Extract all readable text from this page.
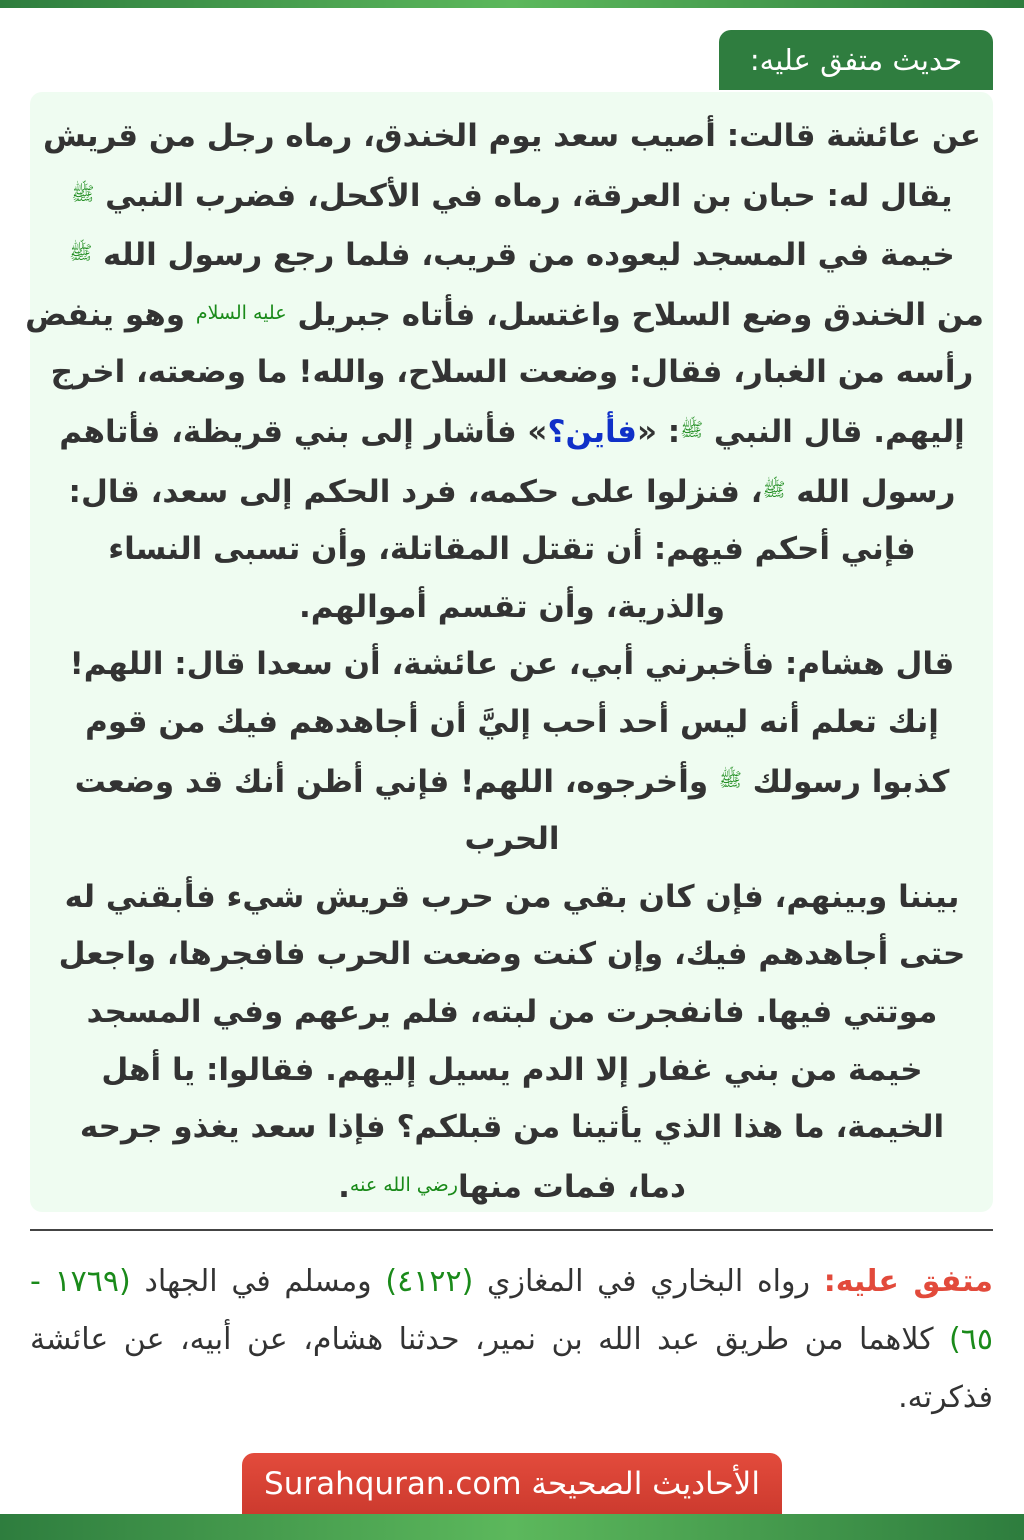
حديث متفق عليه:
عن عائشة قالت: أصيب سعد يوم الخندق، رماه رجل من قريش
يقال له: حبان بن العرقة، رماه في الأكحل، فضرب النبي ﷺ
خيمة في المسجد ليعوده من قريب، فلما رجع رسول الله ﷺ
من الخندق وضع السلاح واغتسل، فأتاه جبريل عليه السلام وهو ينفض
رأسه من الغبار، فقال: وضعت السلاح، والله! ما وضعته، اخرج
إليهم. قال النبي ﷺ: «فأين؟» فأشار إلى بني قريظة، فأتاهم
رسول الله ﷺ، فنزلوا على حكمه، فرد الحكم إلى سعد، قال:
فإني أحكم فيهم: أن تقتل المقاتلة، وأن تسبى النساء
والذرية، وأن تقسم أموالهم.
قال هشام: فأخبرني أبي، عن عائشة، أن سعدا قال: اللهم!
إنك تعلم أنه ليس أحد أحب إليَّ أن أجاهدهم فيك من قوم
كذبوا رسولك ﷺ وأخرجوه، اللهم! فإني أظن أنك قد وضعت
الحرب
بيننا وبينهم، فإن كان بقي من حرب قريش شيء فأبقني له
حتى أجاهدهم فيك، وإن كنت وضعت الحرب فافجرها، واجعل
موتتي فيها. فانفجرت من لبته، فلم يرعهم وفي المسجد
خيمة من بني غفار إلا الدم يسيل إليهم. فقالوا: يا أهل
الخيمة، ما هذا الذي يأتينا من قبلكم؟ فإذا سعد يغذو جرحه
دما، فمات منهارضي الله عنه.
متفق عليه: رواه البخاري في المغازي (٤١٢٢) ومسلم في الجهاد (١٧٦٩ - ٦٥) كلاهما من طريق عبد الله بن نمير، حدثنا هشام، عن أبيه، عن عائشة فذكرته.
الأحاديث الصحيحة Surahquran.com
